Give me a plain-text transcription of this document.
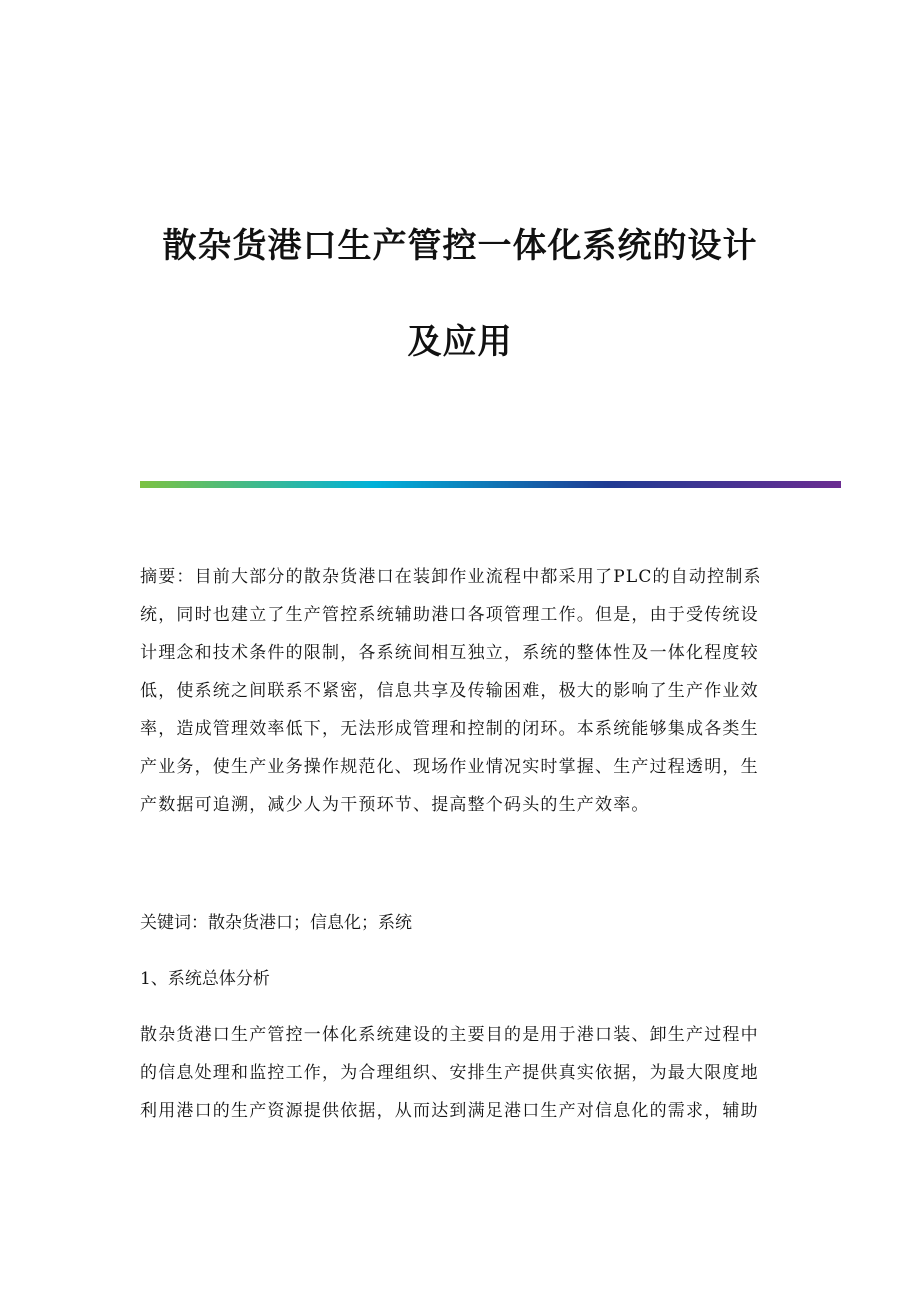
散杂货港口生产管控一体化系统的设计
及应用
摘要：目前大部分的散杂货港口在装卸作业流程中都采用了PLC的自动控制系
统，同时也建立了生产管控系统辅助港口各项管理工作。但是，由于受传统设
计理念和技术条件的限制，各系统间相互独立，系统的整体性及一体化程度较
低，使系统之间联系不紧密，信息共享及传输困难，极大的影响了生产作业效
率，造成管理效率低下，无法形成管理和控制的闭环。本系统能够集成各类生
产业务，使生产业务操作规范化、现场作业情况实时掌握、生产过程透明，生
产数据可追溯，减少人为干预环节、提高整个码头的生产效率。
关键词：散杂货港口；信息化；系统
1、系统总体分析
散杂货港口生产管控一体化系统建设的主要目的是用于港口装、卸生产过程中
的信息处理和监控工作，为合理组织、安排生产提供真实依据，为最大限度地
利用港口的生产资源提供依据，从而达到满足港口生产对信息化的需求，辅助
